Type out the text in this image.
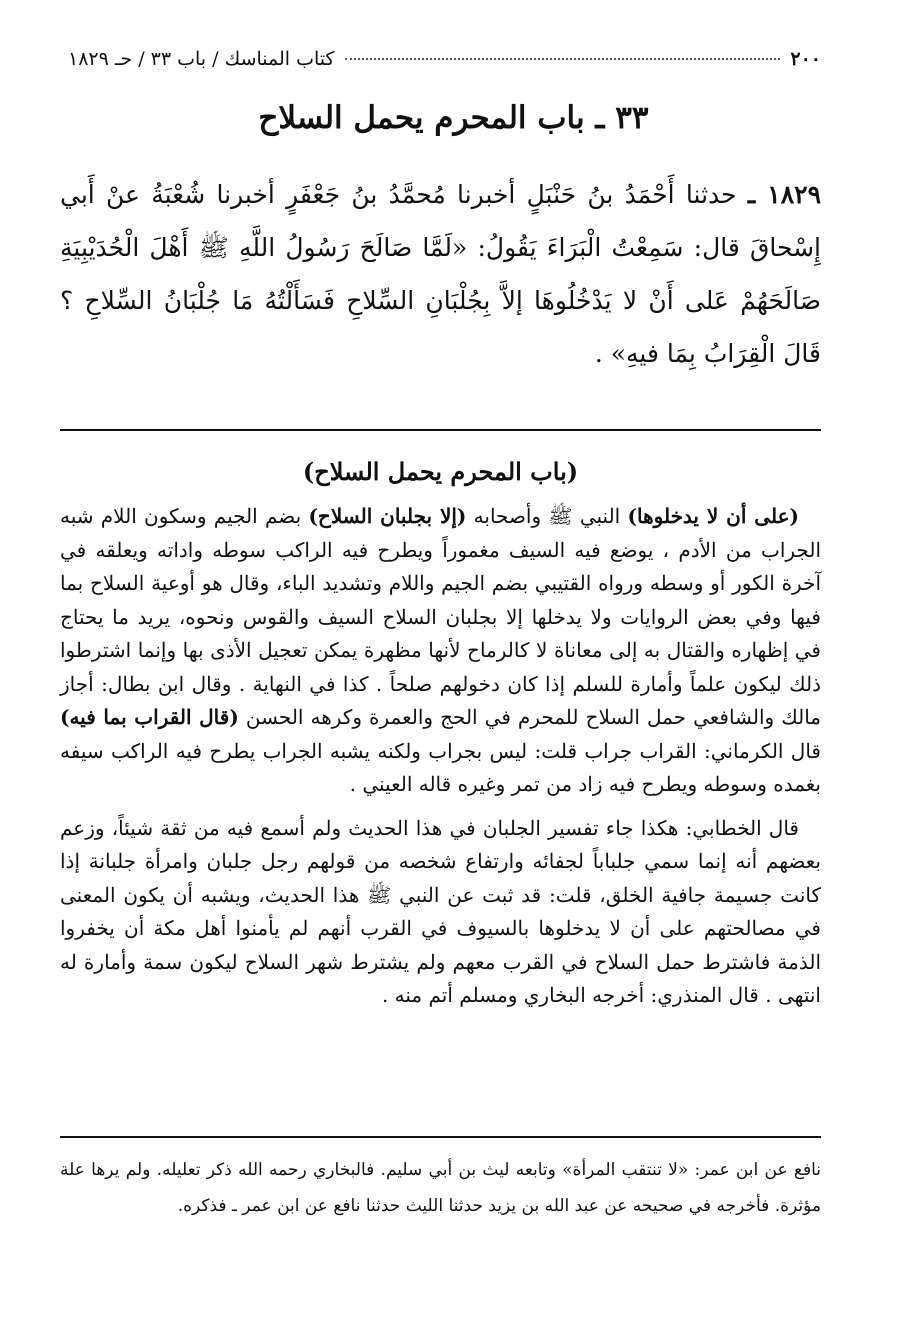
٢٠٠
كتاب المناسك / باب ٣٣ / حـ ١٨٢٩
٣٣ ـ باب المحرم يحمل السلاح
١٨٢٩ ـ حدثنا أَحْمَدُ بنُ حَنْبَلٍ أخبرنا مُحمَّدُ بنُ جَعْفَرٍ أخبرنا شُعْبَةُ عنْ أَبي إِسْحاقَ قال: سَمِعْتُ الْبَرَاءَ يَقُولُ: «لَمَّا صَالَحَ رَسُولُ اللَّهِ ﷺ أَهْلَ الْحُدَيْبِيَةِ صَالَحَهُمْ عَلى أَنْ لا يَدْخُلُوهَا إلاَّ بِجُلْبَانِ السِّلاحِ فَسَأَلْتُهُ مَا جُلْبَانُ السِّلاحِ ؟ قَالَ الْقِرَابُ بِمَا فيهِ» .
(باب المحرم يحمل السلاح)

(على أن لا يدخلوها) النبي ﷺ وأصحابه (إلا بجلبان السلاح) بضم الجيم وسكون اللام شبه الجراب من الأدم ، يوضع فيه السيف مغموراً ويطرح فيه الراكب سوطه واداته ويعلقه في آخرة الكور أو وسطه ورواه القتيبي بضم الجيم واللام وتشديد الباء، وقال هو أوعية السلاح بما فيها وفي بعض الروايات ولا يدخلها إلا بجلبان السلاح السيف والقوس ونحوه، يريد ما يحتاج في إظهاره والقتال به إلى معاناة لا كالرماح لأنها مظهرة يمكن تعجيل الأذى بها وإنما اشترطوا ذلك ليكون علماً وأمارة للسلم إذا كان دخولهم صلحاً . كذا في النهاية . وقال ابن بطال: أجاز مالك والشافعي حمل السلاح للمحرم في الحج والعمرة وكرهه الحسن (قال القراب بما فيه) قال الكرماني: القراب جراب قلت: ليس بجراب ولكنه يشبه الجراب يطرح فيه الراكب سيفه بغمده وسوطه ويطرح فيه زاد من تمر وغيره قاله العيني .

قال الخطابي: هكذا جاء تفسير الجلبان في هذا الحديث ولم أسمع فيه من ثقة شيئاً، وزعم بعضهم أنه إنما سمي جلباباً لجفائه وارتفاع شخصه من قولهم رجل جلبان وامرأة جلبانة إذا كانت جسيمة جافية الخلق، قلت: قد ثبت عن النبي ﷺ هذا الحديث، ويشبه أن يكون المعنى في مصالحتهم على أن لا يدخلوها بالسيوف في القرب أنهم لم يأمنوا أهل مكة أن يخفروا الذمة فاشترط حمل السلاح في القرب معهم ولم يشترط شهر السلاح ليكون سمة وأمارة له انتهى . قال المنذري: أخرجه البخاري ومسلم أتم منه .

نافع عن ابن عمر: «لا تنتقب المرأة» وتابعه ليث بن أبي سليم. فالبخاري رحمه الله ذكر تعليله. ولم يرها علة مؤثرة. فأخرجه في صحيحه عن عبد الله بن يزيد حدثنا الليث حدثنا نافع عن ابن عمر ـ فذكره.
